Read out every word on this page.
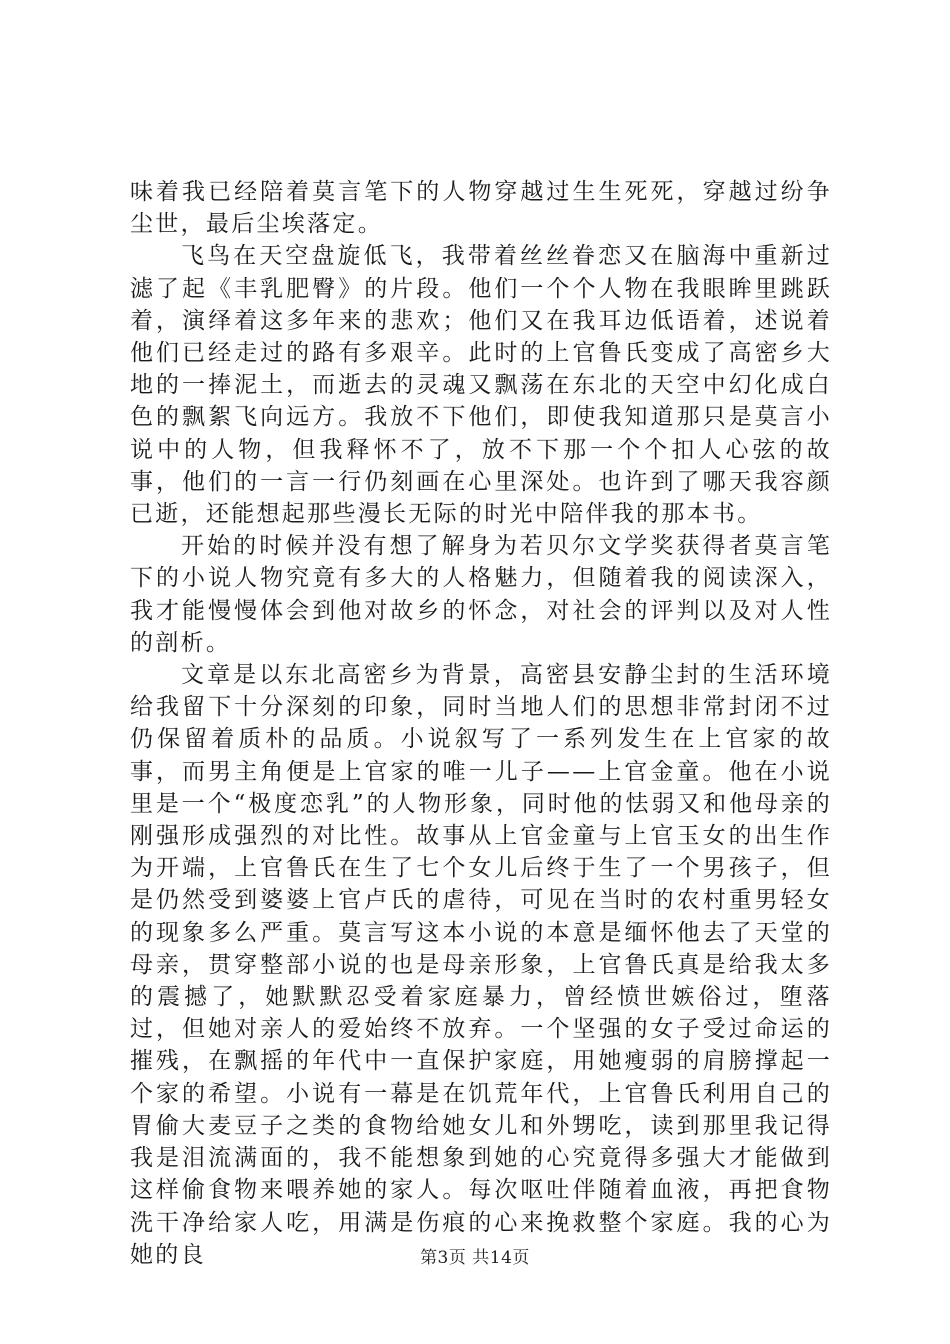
味着我已经陪着莫言笔下的人物穿越过生生死死，穿越过纷争尘世，最后尘埃落定。

飞鸟在天空盘旋低飞，我带着丝丝眷恋又在脑海中重新过滤了起《丰乳肥臀》的片段。他们一个个人物在我眼眸里跳跃着，演绎着这多年来的悲欢；他们又在我耳边低语着，述说着他们已经走过的路有多艰辛。此时的上官鲁氏变成了高密乡大地的一捧泥土，而逝去的灵魂又飘荡在东北的天空中幻化成白色的飘絮飞向远方。我放不下他们，即使我知道那只是莫言小说中的人物，但我释怀不了，放不下那一个个扣人心弦的故事，他们的一言一行仍刻画在心里深处。也许到了哪天我容颜已逝，还能想起那些漫长无际的时光中陪伴我的那本书。

开始的时候并没有想了解身为若贝尔文学奖获得者莫言笔下的小说人物究竟有多大的人格魅力，但随着我的阅读深入，我才能慢慢体会到他对故乡的怀念，对社会的评判以及对人性的剖析。

文章是以东北高密乡为背景，高密县安静尘封的生活环境给我留下十分深刻的印象，同时当地人们的思想非常封闭不过仍保留着质朴的品质。小说叙写了一系列发生在上官家的故事，而男主角便是上官家的唯一儿子——上官金童。他在小说里是一个“极度恋乳”的人物形象，同时他的怯弱又和他母亲的刚强形成强烈的对比性。故事从上官金童与上官玉女的出生作为开端，上官鲁氏在生了七个女儿后终于生了一个男孩子，但是仍然受到婆婆上官卢氏的虐待，可见在当时的农村重男轻女的现象多么严重。莫言写这本小说的本意是缅怀他去了天堂的母亲，贯穿整部小说的也是母亲形象，上官鲁氏真是给我太多的震撼了，她默默忍受着家庭暴力，曾经愤世嫉俗过，堕落过，但她对亲人的爱始终不放弃。一个坚强的女子受过命运的摧残，在飘摇的年代中一直保护家庭，用她瘦弱的肩膀撑起一个家的希望。小说有一幕是在饥荒年代，上官鲁氏利用自己的胃偷大麦豆子之类的食物给她女儿和外甥吃，读到那里我记得我是泪流满面的，我不能想象到她的心究竟得多强大才能做到这样偷食物来喂养她的家人。每次呕吐伴随着血液，再把食物洗干净给家人吃，用满是伤痕的心来挽救整个家庭。我的心为她的良	第3页 共14页
